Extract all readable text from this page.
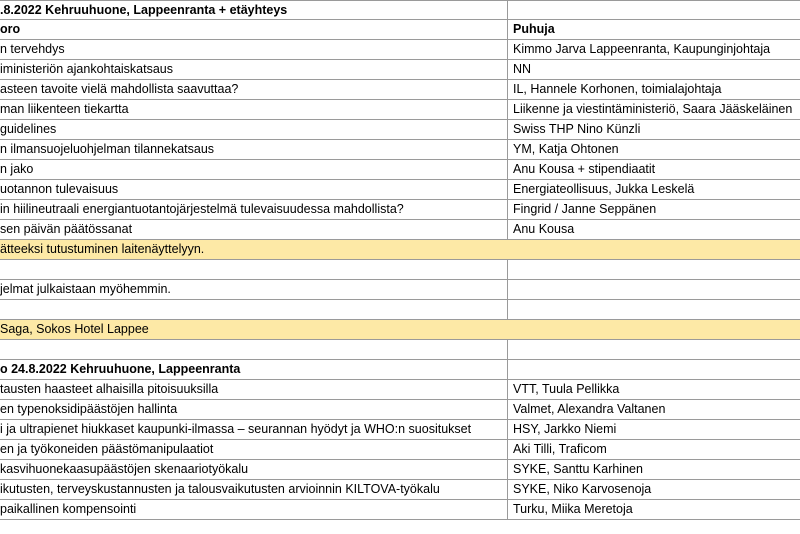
.8.2022 Kehruuhuone, Lappeenranta + etäyhteys
oro	Puhuja
n tervehdys	Kimmo Jarva Lappeenranta, Kaupunginjohtaja
iministeriön ajankohtaiskatsaus	NN
asteen tavoite vielä mahdollista saavuttaa?	IL, Hannele Korhonen, toimialajohtaja
man liikenteen tiekartta	Liikenne ja viestintäministeriö, Saara Jääskeläinen
guidelines	Swiss THP Nino Künzli
n ilmansuojeluohjelman tilannekatsaus	YM, Katja Ohtonen
n jako	Anu Kousa + stipendiaatit
uotannon tulevaisuus	Energiateollisuus, Jukka Leskelä
in hiilineutraali energiantuotantojärjestelmä tulevaisuudessa mahdollista?	Fingrid / Janne Seppänen
sen päivän päätössanat	Anu Kousa
ätteeksi tutustuminen laitenäyttelyyn.
jelmat julkaistaan myöhemmin.
Saga, Sokos Hotel Lappee
o 24.8.2022 Kehruuhuone, Lappeenranta
tausten haasteet alhaisilla pitoisuuksilla	VTT, Tuula Pellikka
en typenoksidipäästöjen hallinta	Valmet, Alexandra Valtanen
i ja ultrapienet hiukkaset kaupunki-ilmassa – seurannan hyödyt ja WHO:n suositukset	HSY, Jarkko Niemi
en ja työkoneiden päästömanipulaatiot	Aki Tilli, Traficom
kasvihuonekaasupäästöjen skenaariotyökalu	SYKE, Santtu Karhinen
ikutusten, terveyskustannusten ja talousvaikutusten arvioinnin KILTOVA-työkalu	SYKE, Niko Karvosenoja
paikallinen kompensointi	Turku, Miika Meretoja
